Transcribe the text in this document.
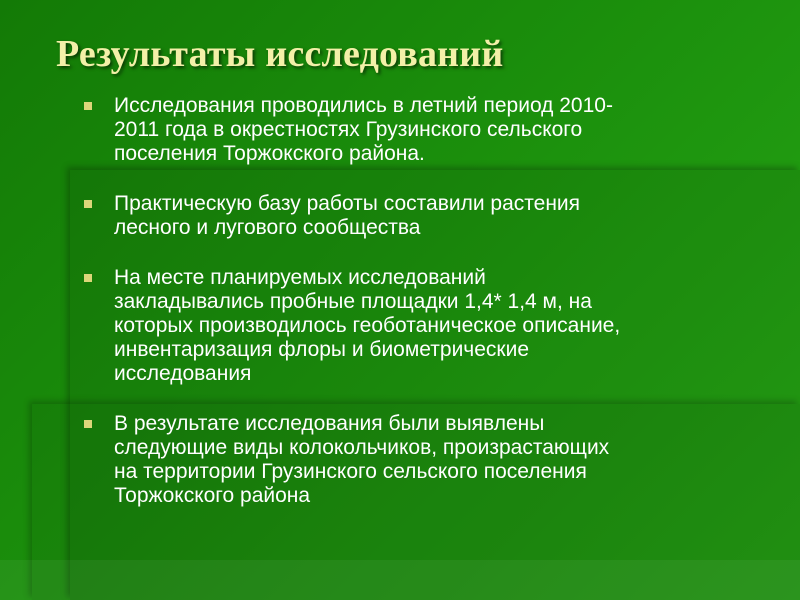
Результаты исследований
Исследования проводились в летний период 2010-
2011 года в окрестностях Грузинского сельского
поселения Торжокского района.
Практическую базу работы составили растения
лесного и лугового сообщества
На месте планируемых исследований
закладывались пробные площадки 1,4* 1,4 м, на
которых производилось геоботаническое описание,
инвентаризация флоры и биометрические
исследования
В результате исследования были выявлены
следующие виды колокольчиков, произрастающих
на территории Грузинского сельского поселения
Торжокского района
